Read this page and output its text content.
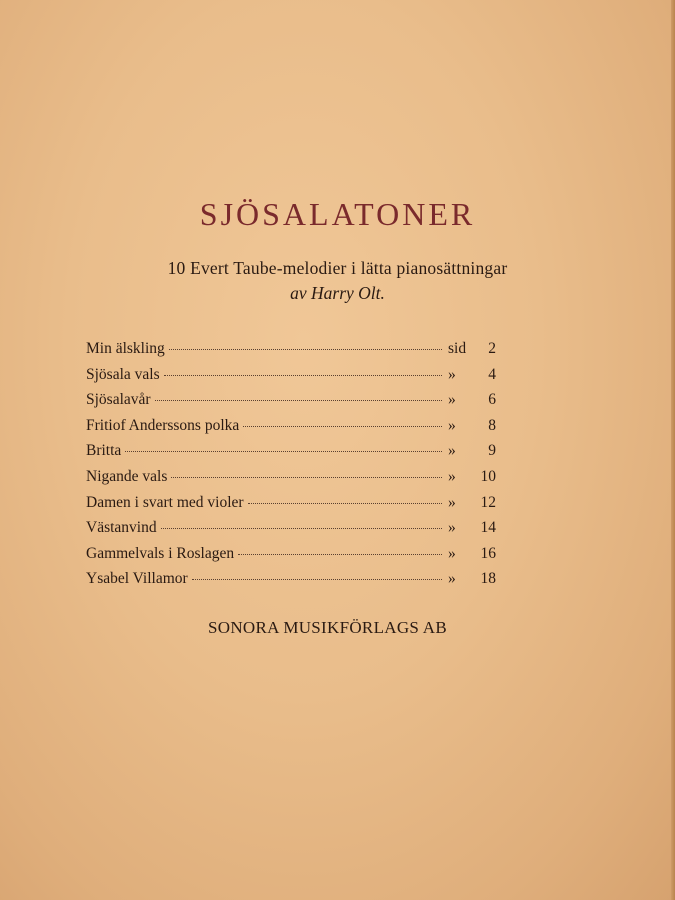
SJÖSALATONER

10 Evert Taube-melodier i lätta pianosättningar

av Harry Olt.

Min älskling	sid	2
Sjösala vals	»	4
Sjösalavår	»	6
Fritiof Anderssons polka	»	8
Britta	»	9
Nigande vals	»	10
Damen i svart med violer	»	12
Västanvind	»	14
Gammelvals i Roslagen	»	16
Ysabel Villamor	»	18

SONORA MUSIKFÖRLAGS AB
